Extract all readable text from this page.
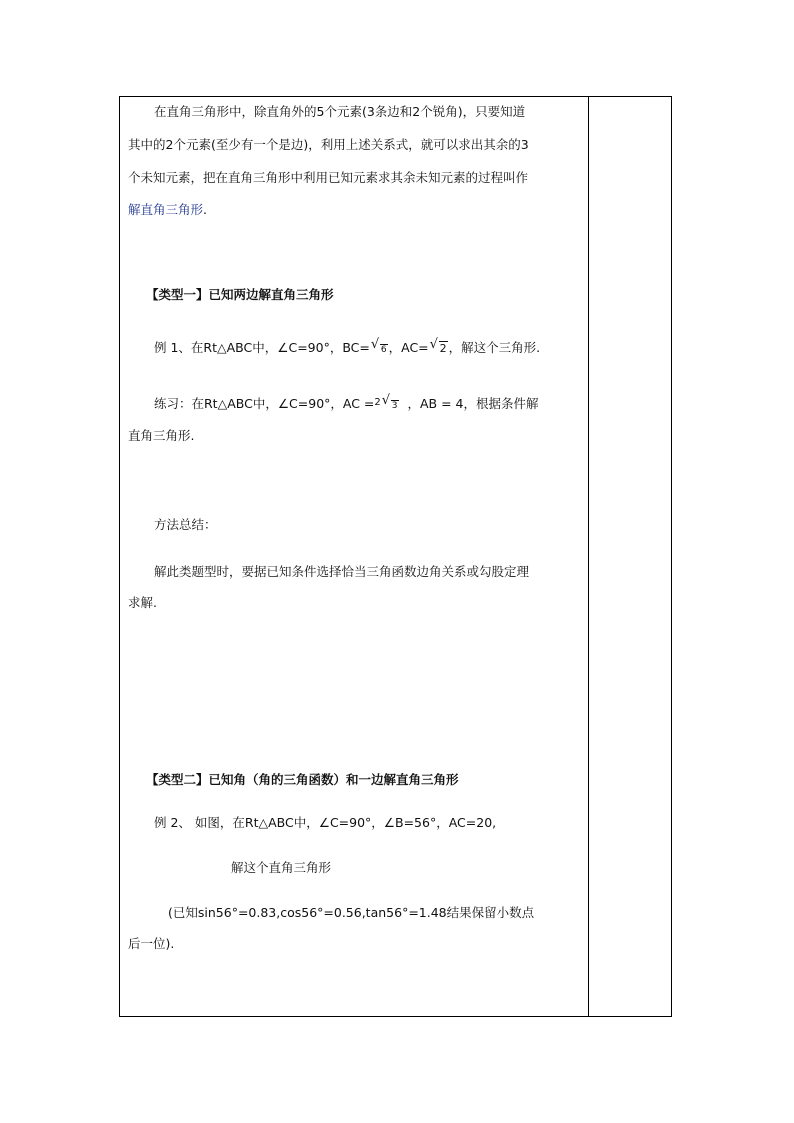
在直角三角形中，除直角外的5个元素(3条边和2个锐角)，只要知道
其中的2个元素(至少有一个是边)，利用上述关系式，就可以求出其余的3
个未知元素，把在直角三角形中利用已知元素求其余未知元素的过程叫作
解直角三角形.
【类型一】已知两边解直角三角形
例 1、在Rt△ABC中，∠C=90°，BC= √ 6 ，AC= √ 2 ，解这个三角形.
练习：在Rt△ABC中，∠C=90°，AC =$^2$ √ 3 ，AB = 4，根据条件解
直角三角形.
方法总结：
解此类题型时，要据已知条件选择恰当三角函数边角关系或勾股定理
求解.
【类型二】已知角（角的三角函数）和一边解直角三角形
例 2、 如图，在Rt△ABC中，∠C=90°，∠B=56°，AC=20,
解这个直角三角形
(已知sin56°=0.83,cos56°=0.56,tan56°=1.48结果保留小数点
后一位).
